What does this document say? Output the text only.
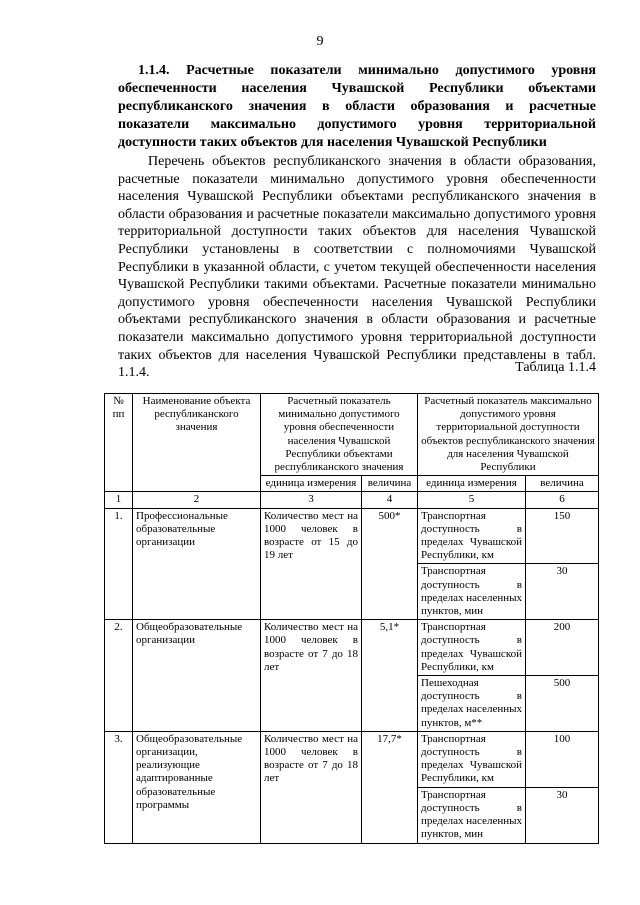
9
1.1.4. Расчетные показатели минимально допустимого уровня обеспеченности населения Чувашской Республики объектами республиканского значения в области образования и расчетные показатели максимально допустимого уровня территориальной доступности таких объектов для населения Чувашской Республики
Перечень объектов республиканского значения в области образования, расчетные показатели минимально допустимого уровня обеспеченности населения Чувашской Республики объектами республиканского значения в области образования и расчетные показатели максимально допустимого уровня территориальной доступности таких объектов для населения Чувашской Республики установлены в соответствии с полномочиями Чувашской Республики в указанной области, с учетом текущей обеспеченности населения Чувашской Республики такими объектами. Расчетные показатели минимально допустимого уровня обеспеченности населения Чувашской Республики объектами республиканского значения в области образования и расчетные показатели максимально допустимого уровня территориальной доступности таких объектов для населения Чувашской Республики представлены в табл. 1.1.4.	Таблица 1.1.4
№ пп	Наименование объекта республиканского значения	Расчетный показатель минимально допустимого уровня обеспеченности населения Чувашской Республики объектами республиканского значения		Расчетный показатель максимально допустимого уровня территориальной доступности объектов республиканского значения для населения Чувашской Республики	
		единица измерения	величина	единица измерения	величина
1	2	3	4	5	6
1.	Профессиональные образовательные организации	Количество мест на 1000 человек в возрасте от 15 до 19 лет	500*	Транспортная доступность в пределах Чувашской Республики, км	150
				Транспортная доступность в пределах населенных пунктов, мин	30
2.	Общеобразовательные организации	Количество мест на 1000 человек в возрасте от 7 до 18 лет	5,1*	Транспортная доступность в пределах Чувашской Республики, км	200
				Пешеходная доступность в пределах населенных пунктов, м**	500
3.	Общеобразовательные организации, реализующие адаптированные образовательные программы	Количество мест на 1000 человек в возрасте от 7 до 18 лет	17,7*	Транспортная доступность в пределах Чувашской Республики, км	100
				Транспортная доступность в пределах населенных пунктов, мин	30
